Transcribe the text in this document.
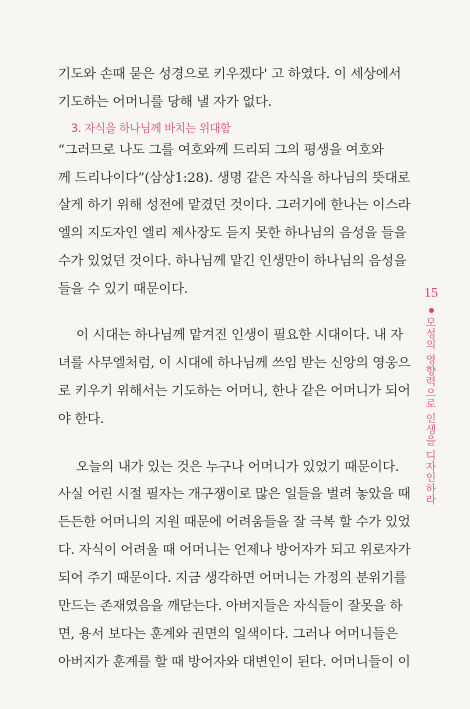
기도와 손때 묻은 성경으로 키우겠다' 고 하였다. 이 세상에서
기도하는 어머니를 당해 낼 자가 없다.
3. 자식을 하나님께 바치는 위대함
“그러므로 나도 그를 여호와께 드리되 그의 평생을 여호와
께 드리나이다”(삼상1:28). 생명 같은 자식을 하나님의 뜻대로
살게 하기 위해 성전에 맡겼던 것이다. 그러기에 한나는 이스라
엘의 지도자인 엘리 제사장도 듣지 못한 하나님의 음성을 들을
수가 있었던 것이다. 하나님께 맡긴 인생만이 하나님의 음성을
들을 수 있기 때문이다.
이 시대는 하나님께 맡겨진 인생이 필요한 시대이다. 내 자
녀를 사무엘처럼, 이 시대에 하나님께 쓰임 받는 신앙의 영웅으
로 키우기 위해서는 기도하는 어머니, 한나 같은 어머니가 되어
야 한다.
오늘의 내가 있는 것은 누구나 어머니가 있었기 때문이다.
사실 어린 시절 필자는 개구쟁이로 많은 일들을 벌려 놓았을 때
든든한 어머니의 지원 때문에 어려움들을 잘 극복 할 수가 있었
다. 자식이 어려울 때 어머니는 언제나 방어자가 되고 위로자가
되어 주기 때문이다. 지금 생각하면 어머니는 가정의 분위기를
만드는 존재였음을 깨닫는다. 아버지들은 자식들이 잘못을 하
면, 용서 보다는 훈계와 권면의 일색이다. 그러나 어머니들은
아버지가 훈계를 할 때 방어자와 대변인이 된다. 어머니들이 이
15
모성의 영향력으로 인생을 디자인하라
